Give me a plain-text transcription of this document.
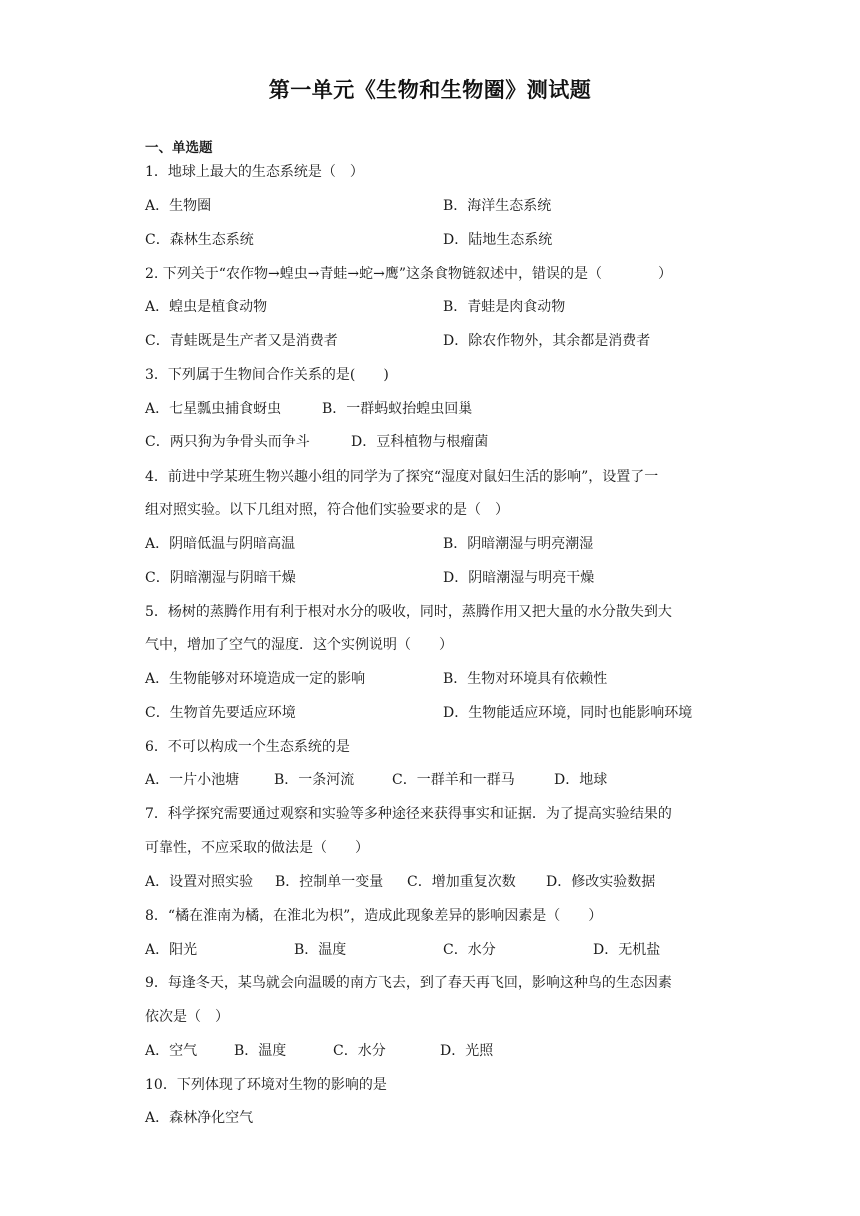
第一单元《生物和生物圈》测试题
一、单选题
1．地球上最大的生态系统是（　）
A．生物圈	B．海洋生态系统
C．森林生态系统	D．陆地生态系统
2. 下列关于“农作物→蝗虫→青蛙→蛇→鹰”这条食物链叙述中，错误的是（　　　　）
A．蝗虫是植食动物	B．青蛙是肉食动物
C．青蛙既是生产者又是消费者	D．除农作物外，其余都是消费者
3．下列属于生物间合作关系的是(　　)
A．七星瓢虫捕食蚜虫	B．一群蚂蚁抬蝗虫回巢
C．两只狗为争骨头而争斗	D．豆科植物与根瘤菌
4．前进中学某班生物兴趣小组的同学为了探究“湿度对鼠妇生活的影响”，设置了一
组对照实验。以下几组对照，符合他们实验要求的是（　）
A．阴暗低温与阴暗高温	B．阴暗潮湿与明亮潮湿
C．阴暗潮湿与阴暗干燥	D．阴暗潮湿与明亮干燥
5．杨树的蒸腾作用有利于根对水分的吸收，同时，蒸腾作用又把大量的水分散失到大
气中，增加了空气的湿度．这个实例说明（　　）
A．生物能够对环境造成一定的影响	B．生物对环境具有依赖性
C．生物首先要适应环境	D．生物能适应环境，同时也能影响环境
6．不可以构成一个生态系统的是
A．一片小池塘 B．一条河流	C．一群羊和一群马	D．地球
7．科学探究需要通过观察和实验等多种途径来获得事实和证据．为了提高实验结果的
可靠性，不应采取的做法是（　　）
A．设置对照实验 B．控制单一变量 C．增加重复次数 D．修改实验数据
8．“橘在淮南为橘，在淮北为枳”，造成此现象差异的影响因素是（　　）
A．阳光	B．温度	C．水分	D．无机盐
9．每逢冬天，某鸟就会向温暖的南方飞去，到了春天再飞回，影响这种鸟的生态因素
依次是（　）
A．空气	B．温度	C．水分	D．光照
10．下列体现了环境对生物的影响的是
A．森林净化空气
